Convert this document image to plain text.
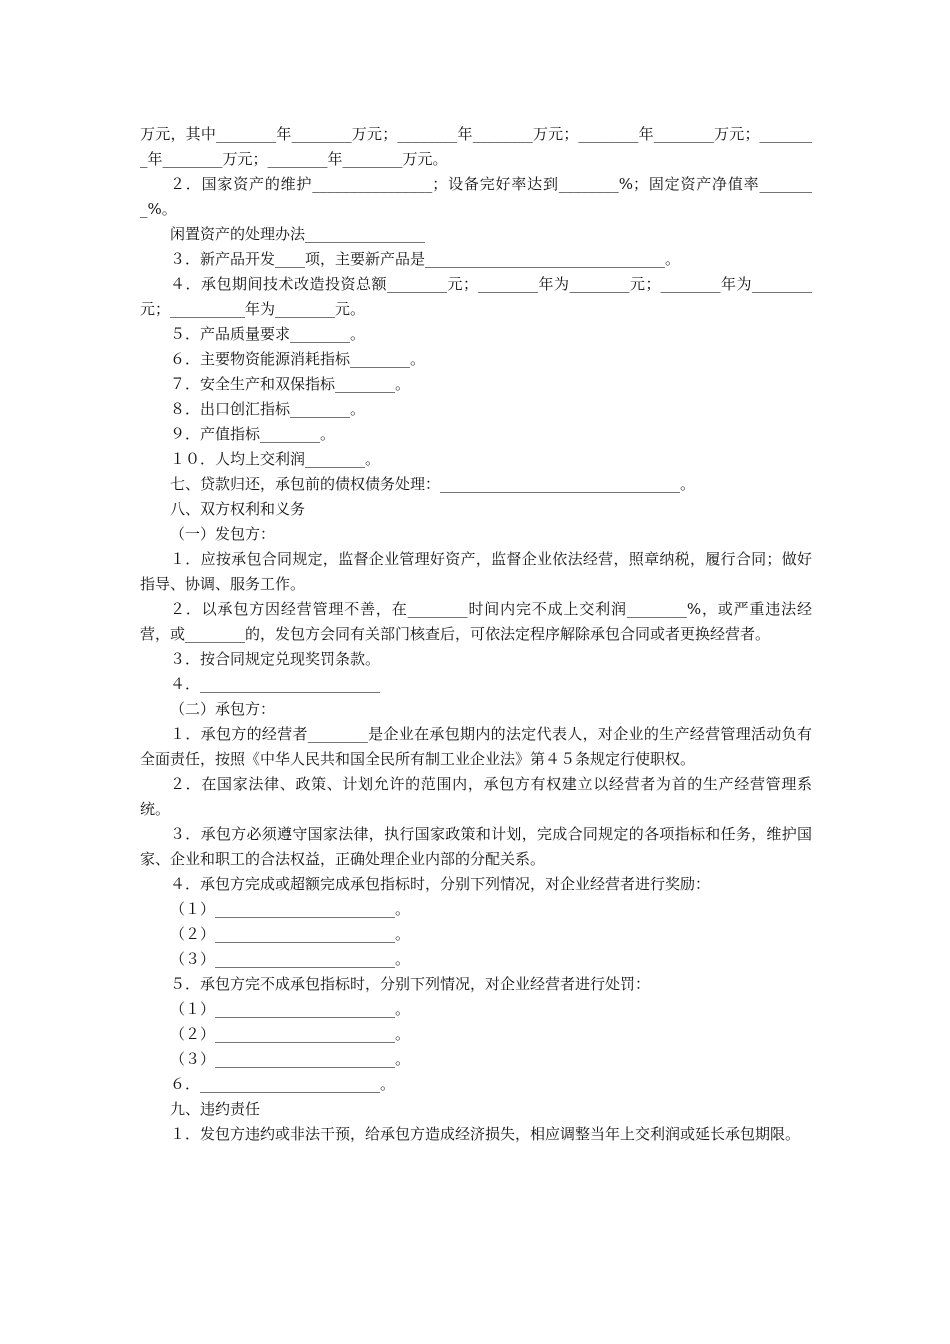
万元，其中________年________万元；________年________万元；________年________万元；________年________万元；________年________万元。

２．国家资产的维护________________；设备完好率达到________%；固定资产净值率________%。

闲置资产的处理办法________________

３．新产品开发____项，主要新产品是________________________________。

４．承包期间技术改造投资总额________元；________年为________元；________年为________元；__________年为________元。

５．产品质量要求________。

６．主要物资能源消耗指标________。

７．安全生产和双保指标________。

８．出口创汇指标________。

９．产值指标________。

１０．人均上交利润________。

七、贷款归还，承包前的债权债务处理：________________________________。

八、双方权利和义务

（一）发包方：

１．应按承包合同规定，监督企业管理好资产，监督企业依法经营，照章纳税，履行合同；做好指导、协调、服务工作。

２．以承包方因经营管理不善，在________时间内完不成上交利润________%，或严重违法经营，或________的，发包方会同有关部门核查后，可依法定程序解除承包合同或者更换经营者。

３．按合同规定兑现奖罚条款。

４．________________________

（二）承包方：

１．承包方的经营者________是企业在承包期内的法定代表人，对企业的生产经营管理活动负有全面责任，按照《中华人民共和国全民所有制工业企业法》第４５条规定行使职权。

２．在国家法律、政策、计划允许的范围内，承包方有权建立以经营者为首的生产经营管理系统。

３．承包方必须遵守国家法律，执行国家政策和计划，完成合同规定的各项指标和任务，维护国家、企业和职工的合法权益，正确处理企业内部的分配关系。

４．承包方完成或超额完成承包指标时，分别下列情况，对企业经营者进行奖励：

（１）________________________。

（２）________________________。

（３）________________________。

５．承包方完不成承包指标时，分别下列情况，对企业经营者进行处罚：

（１）________________________。

（２）________________________。

（３）________________________。

６．________________________。

九、违约责任

１．发包方违约或非法干预，给承包方造成经济损失，相应调整当年上交利润或延长承包期限。
